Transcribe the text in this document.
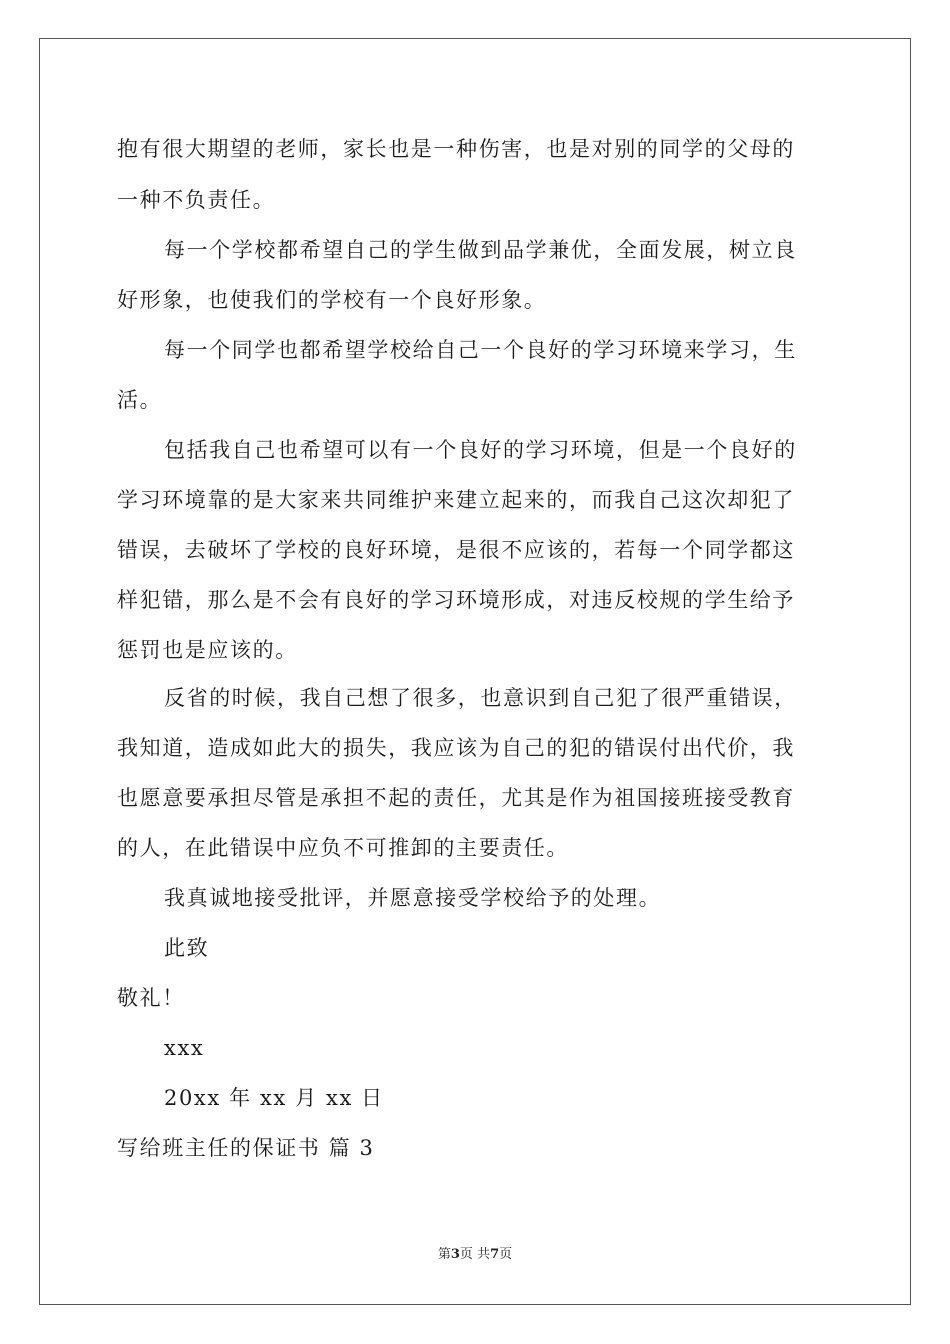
抱有很大期望的老师，家长也是一种伤害，也是对别的同学的父母的
一种不负责任。
每一个学校都希望自己的学生做到品学兼优，全面发展，树立良
好形象，也使我们的学校有一个良好形象。
每一个同学也都希望学校给自己一个良好的学习环境来学习，生
活。
包括我自己也希望可以有一个良好的学习环境，但是一个良好的
学习环境靠的是大家来共同维护来建立起来的，而我自己这次却犯了
错误，去破坏了学校的良好环境，是很不应该的，若每一个同学都这
样犯错，那么是不会有良好的学习环境形成，对违反校规的学生给予
惩罚也是应该的。
反省的时候，我自己想了很多，也意识到自己犯了很严重错误，
我知道，造成如此大的损失，我应该为自己的犯的错误付出代价，我
也愿意要承担尽管是承担不起的责任，尤其是作为祖国接班接受教育
的人，在此错误中应负不可推卸的主要责任。
我真诚地接受批评，并愿意接受学校给予的处理。
此致
敬礼！
xxx
20xx 年 xx 月 xx 日
写给班主任的保证书 篇 3
第3页 共7页
